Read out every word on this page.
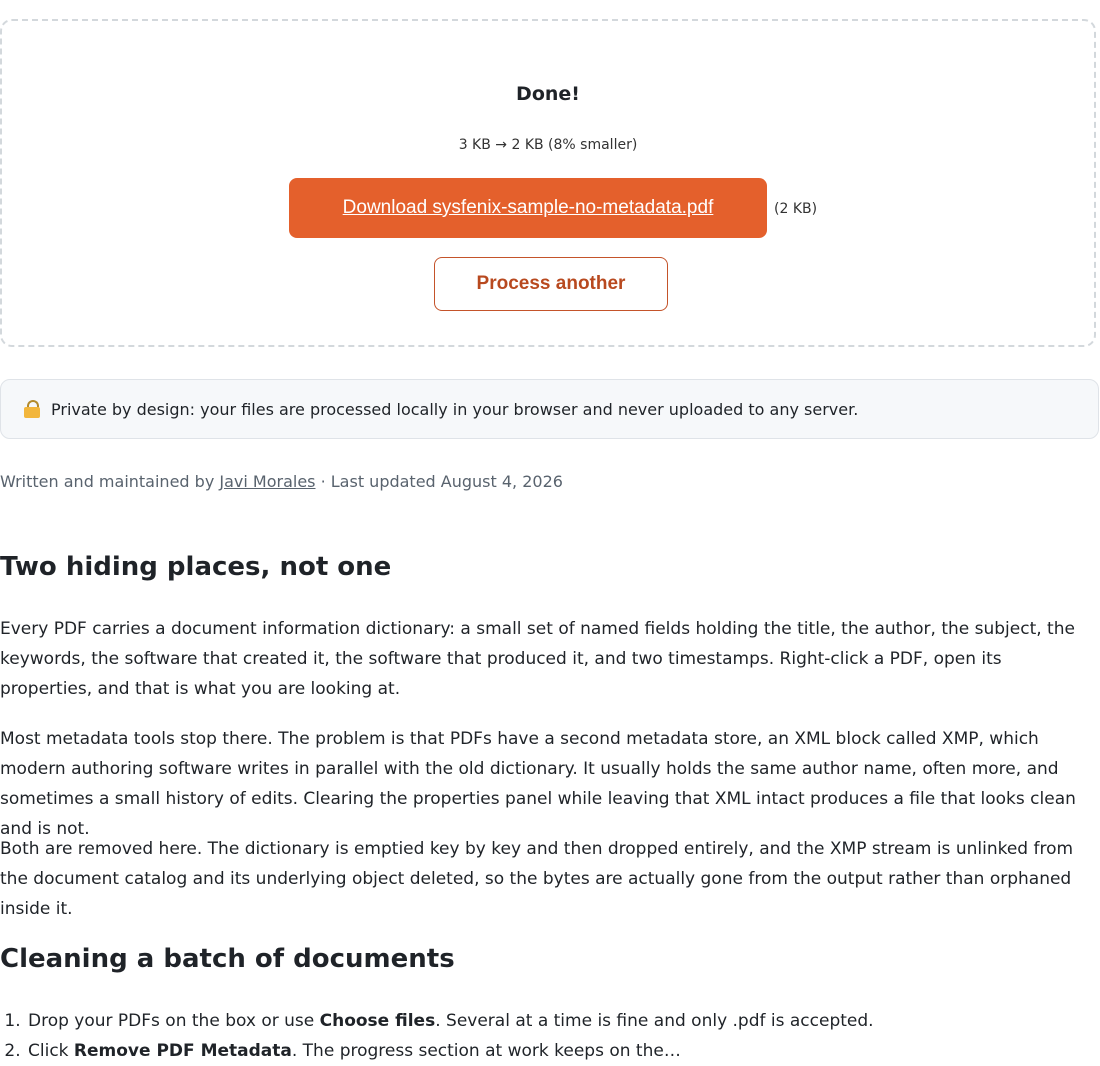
Done!
3 KB → 2 KB (8% smaller)
Download sysfenix-sample-no-metadata.pdf	(2 KB)
Process another
Private by design: your files are processed locally in your browser and never uploaded to any server.
Written and maintained by Javi Morales · Last updated August 4, 2026
Two hiding places, not one

Every PDF carries a document information dictionary: a small set of named fields holding the title, the author, the subject, the keywords, the software that created it, the software that produced it, and two timestamps. Right-click a PDF, open its properties, and that is what you are looking at.

Most metadata tools stop there. The problem is that PDFs have a second metadata store, an XML block called XMP, which modern authoring software writes in parallel with the old dictionary. It usually holds the same author name, often more, and sometimes a small history of edits. Clearing the properties panel while leaving that XML intact produces a file that looks clean and is not.

Both are removed here. The dictionary is emptied key by key and then dropped entirely, and the XMP stream is unlinked from the document catalog and its underlying object deleted, so the bytes are actually gone from the output rather than orphaned inside it.

Cleaning a batch of documents
1. Drop your PDFs on the box or use Choose files. Several at a time is fine and only .pdf is accepted.
2. Click Remove PDF Metadata. The progress section at work keeps on the…
